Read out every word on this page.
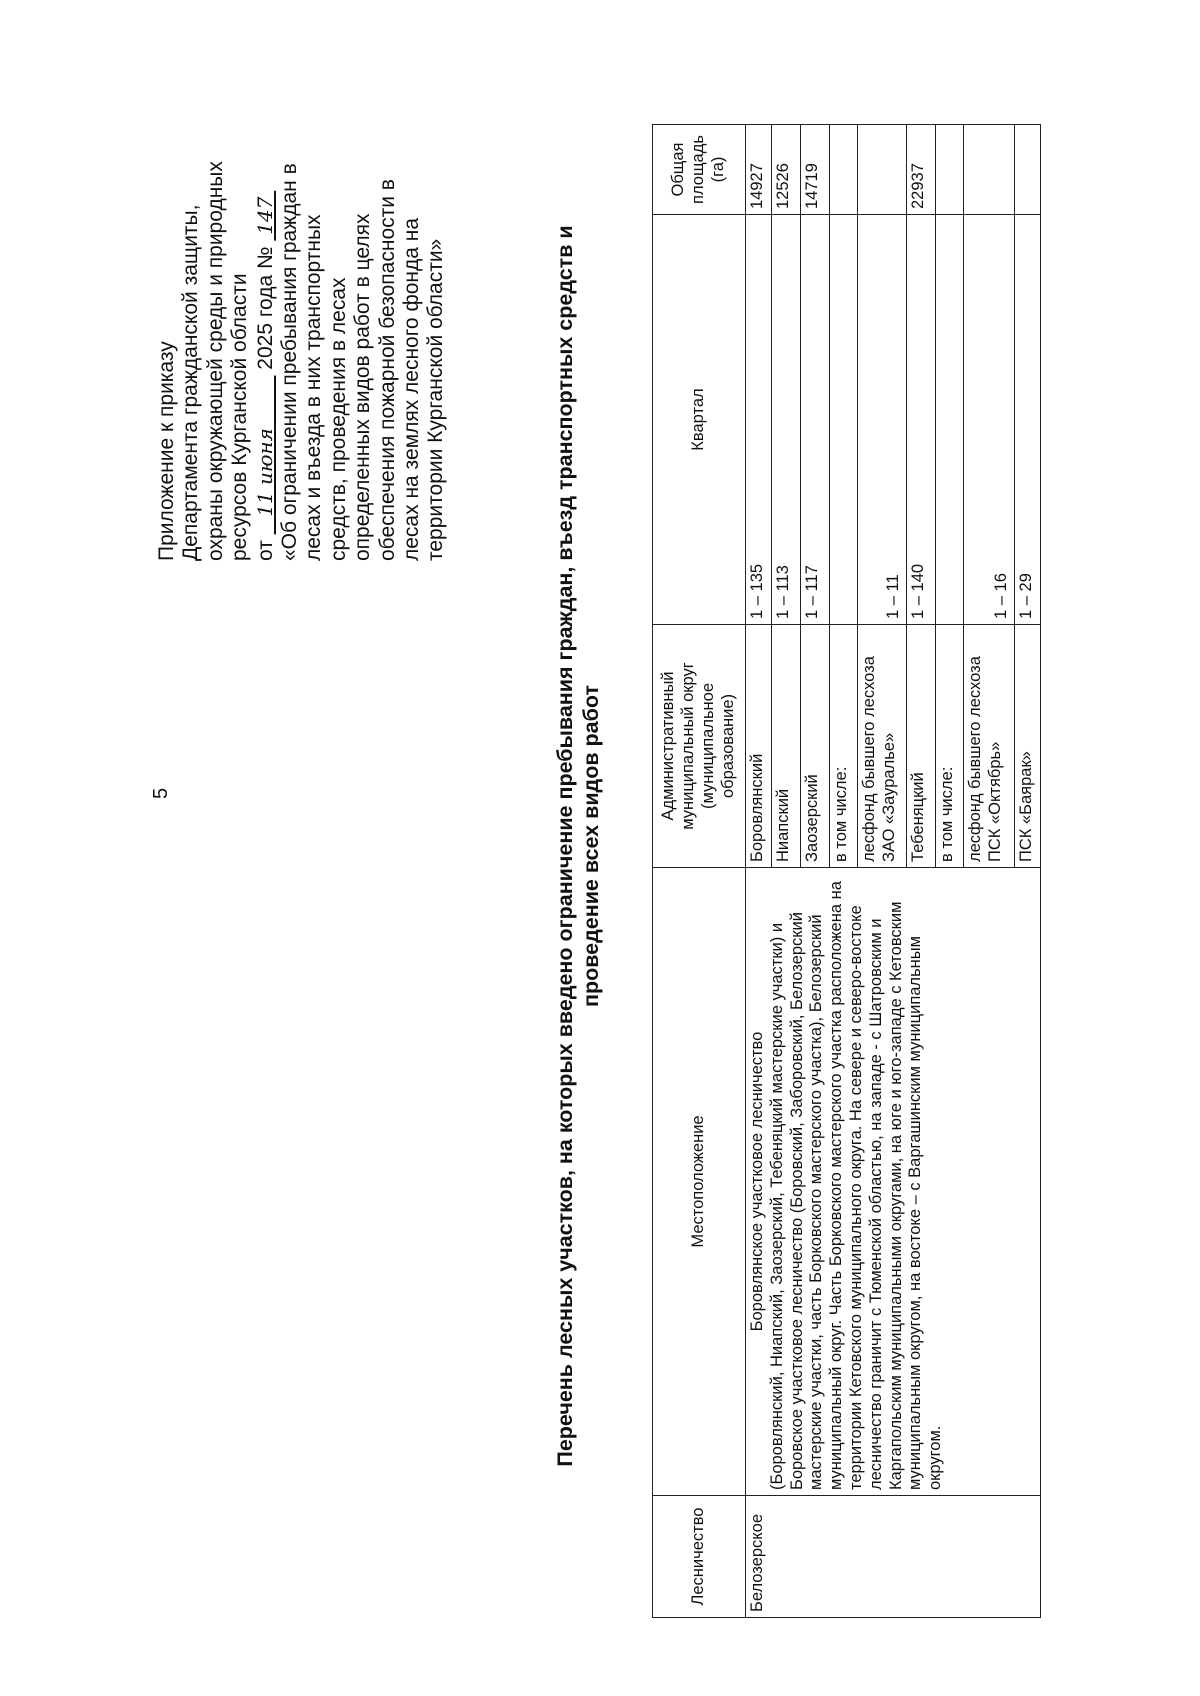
5
Приложение к приказу Департамента гражданской защиты, охраны окружающей среды и природных ресурсов Курганской области от    11 июня          2025 года №  147 «Об ограничении пребывания граждан в лесах и въезда в них транспортных средств, проведения в лесах определенных видов работ в целях обеспечения пожарной безопасности в лесах на землях лесного фонда на территории Курганской области»	Перечень лесных участков, на которых введено ограничение пребывания граждан, въезд транспортных средств и проведение всех видов работ
Лесничество	Местоположение	Административный муниципальный округ (муниципальное образование)	Квартал	Общая площадь (га)
Белозерское	Боровлянское участковое лесничество (Боровлянский, Ниапский, Заозерский, Тебеняцкий мастерские участки) и Боровское участковое лесничество (Боровский, Заборовский, Белозерский мастерские участки, часть Борковского мастерского участка), Белозерский муниципальный округ. Часть Борковского мастерского участка расположена на территории Кетовского муниципального округа. На севере и северо-востоке лесничество граничит с Тюменской областью, на западе - с Шатровским и Каргапольским муниципальными округами, на юге и юго-западе с Кетовским муниципальным округом, на востоке – с Варгашинским муниципальным округом.	Боровлянский	1 – 135	14927
		Ниапский	1 – 113	12526
		Заозерский	1 – 117	14719
		в том числе:		
		лесфонд бывшего лесхоза ЗАО «Зауралье»	1 – 11	
		Тебеняцкий	1 – 140	22937
		в том числе:		
		лесфонд бывшего лесхоза ПСК «Октябрь»	1 – 16	
		ПСК «Баярак»	1 – 29	
